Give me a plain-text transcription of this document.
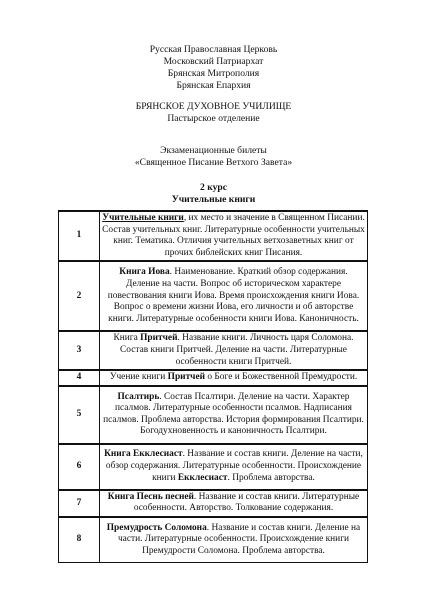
Русская Православная Церковь
Московский Патриархат
Брянская Митрополия
Брянская Епархия
БРЯНСКОЕ ДУХОВНОЕ УЧИЛИЩЕ
Пастырское отделение
Экзаменационные билеты
«Священное Писание Ветхого Завета»
2 курс
Учительные книги
1	Учительные книги, их место и значение в Священном Писании. Состав учительных книг. Литературные особенности учительных книг. Тематика. Отличия учительных ветхозаветных книг от прочих библейских книг Писания.
2	Книга Иова. Наименование. Краткий обзор содержания. Деление на части. Вопрос об историческом характере повествования книги Иова. Время происхождения книги Иова. Вопрос о времени жизни Иова, его личности и об авторстве книги. Литературные особенности книги Иова. Каноничность.
3	Книга Притчей. Название книги. Личность царя Соломона. Состав книги Притчей. Деление на части. Литературные особенности книги Притчей.
4	Учение книги Притчей о Боге и Божественной Премудрости.
5	Псалтирь. Состав Псалтири. Деление на части. Характер псалмов. Литературные особенности псалмов. Надписания псалмов. Проблема авторства. История формирования Псалтири. Богодухновенность и каноничность Псалтири.
6	Книга Екклесиаст. Название и состав книги. Деление на части, обзор содержания. Литературные особенности. Происхождение книги Екклесиаст. Проблема авторства.
7	Книга Песнь песней. Название и состав книги. Литературные особенности. Авторство. Толкование содержания.
8	Премудрость Соломона. Название и состав книги. Деление на части. Литературные особенности. Происхождение книги Премудрости Соломона. Проблема авторства.
